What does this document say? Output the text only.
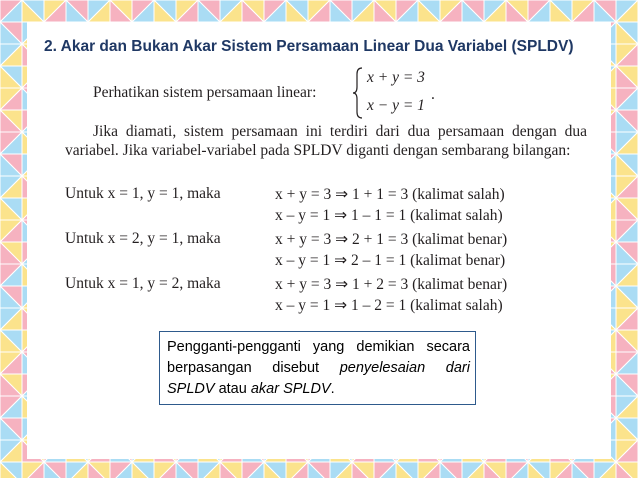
2. Akar dan Bukan Akar Sistem Persamaan Linear Dua Variabel (SPLDV)
Perhatikan sistem persamaan linear:
x + y = 3
x − y = 1
.
Jika diamati, sistem persamaan ini terdiri dari dua persamaan dengan dua variabel. Jika variabel-variabel pada SPLDV diganti dengan sembarang bilangan:
Untuk x = 1, y = 1, maka	x + y = 3 ⇒ 1 + 1 = 3 (kalimat salah)
x – y = 1 ⇒ 1 – 1 = 1 (kalimat salah)
Untuk x = 2, y = 1, maka	x + y = 3 ⇒ 2 + 1 = 3 (kalimat benar)
x – y = 1 ⇒ 2 – 1 = 1 (kalimat benar)
Untuk x = 1, y = 2, maka	x + y = 3 ⇒ 1 + 2 = 3 (kalimat benar)
x – y = 1 ⇒ 1 – 2 = 1 (kalimat salah)
Pengganti-pengganti yang demikian secara berpasangan disebut penyelesaian dari SPLDV atau akar SPLDV.
